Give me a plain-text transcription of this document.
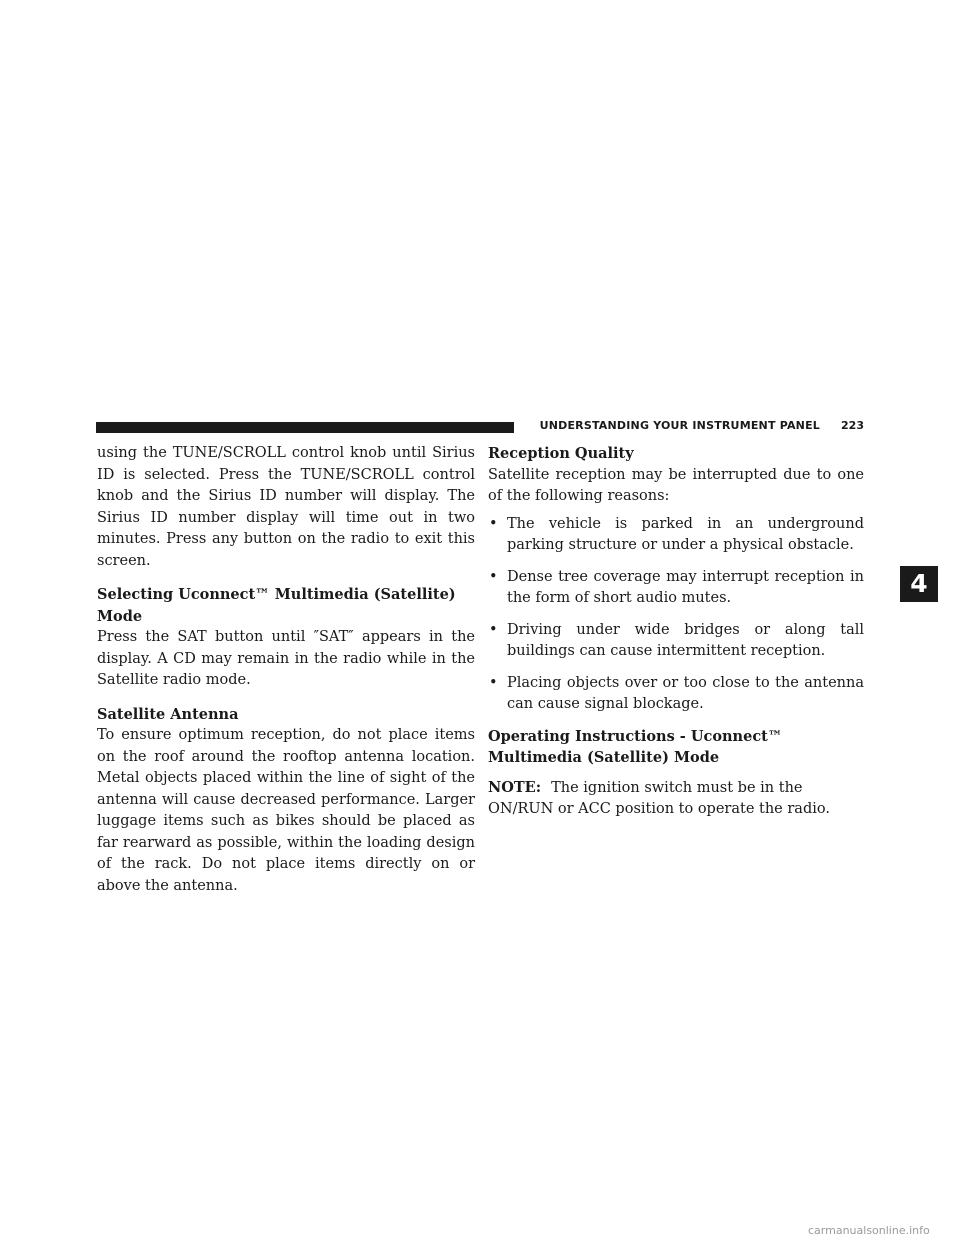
UNDERSTANDING YOUR INSTRUMENT PANEL 223

using the TUNE/SCROLL control knob until Sirius ID is selected. Press the TUNE/SCROLL control knob and the Sirius ID number will display. The Sirius ID number display will time out in two minutes. Press any button on the radio to exit this screen.

Selecting Uconnect™ Multimedia (Satellite) Mode

Press the SAT button until ″SAT″ appears in the display. A CD may remain in the radio while in the Satellite radio mode.

Satellite Antenna

To ensure optimum reception, do not place items on the roof around the rooftop antenna location. Metal objects placed within the line of sight of the antenna will cause decreased performance. Larger luggage items such as bikes should be placed as far rearward as possible, within the loading design of the rack. Do not place items directly on or above the antenna.

Reception Quality

Satellite reception may be interrupted due to one of the following reasons:

• The vehicle is parked in an underground parking structure or under a physical obstacle.
• Dense tree coverage may interrupt reception in the form of short audio mutes.
• Driving under wide bridges or along tall buildings can cause intermittent reception.
• Placing objects over or too close to the antenna can cause signal blockage.
Operating Instructions - Uconnect™ Multimedia (Satellite) Mode

NOTE: The ignition switch must be in the ON/RUN or ACC position to operate the radio.

4
carmanualsonline.info
